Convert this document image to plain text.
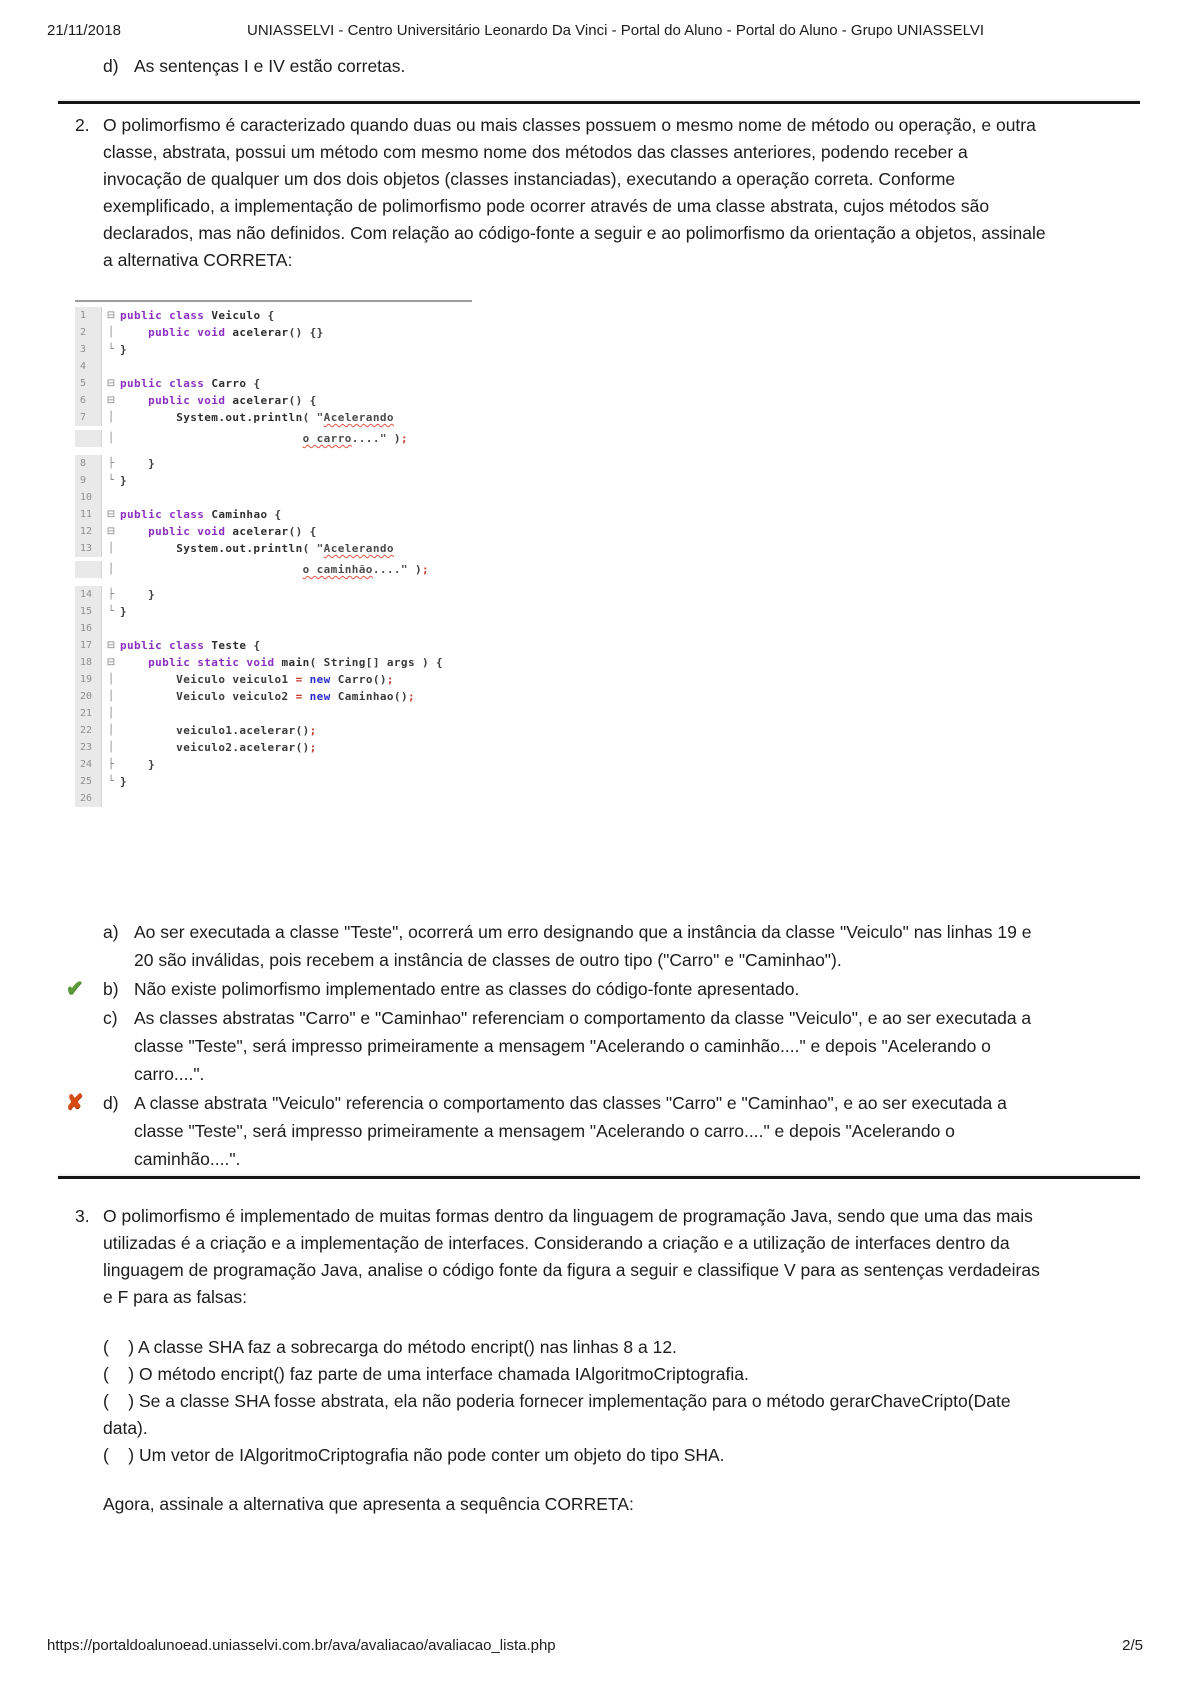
21/11/2018	UNIASSELVI - Centro Universitário Leonardo Da Vinci - Portal do Aluno - Portal do Aluno - Grupo UNIASSELVI
d) As sentenças I e IV estão corretas.
2. O polimorfismo é caracterizado quando duas ou mais classes possuem o mesmo nome de método ou operação, e outra classe, abstrata, possui um método com mesmo nome dos métodos das classes anteriores, podendo receber a invocação de qualquer um dos dois objetos (classes instanciadas), executando a operação correta. Conforme exemplificado, a implementação de polimorfismo pode ocorrer através de uma classe abstrata, cujos métodos são declarados, mas não definidos. Com relação ao código-fonte a seguir e ao polimorfismo da orientação a objetos, assinale a alternativa CORRETA:

1	⊟ public class Veiculo {
2	│	public void acelerar() {}
3	└ }
4
5	⊟ public class Carro {
6	⊟	public void acelerar() {
7	│	System.out.println( "Acelerando
│	o carro...." );
8	├ }
9	└ }
10
11	⊟ public class Caminhao {
12	⊟	public void acelerar() {
13	│	System.out.println( "Acelerando
│	o caminhão...." );
14	├ }
15	└ }
16
17	⊟ public class Teste {
18	⊟	public static void main( String[] args ) {
19	│ Veiculo veiculo1 = new Carro();
20	│ Veiculo veiculo2 = new Caminhao();
21	│
22	│ veiculo1.acelerar();
23	│ veiculo2.acelerar();
24	├ }
25	└ }
26
a) Ao ser executada a classe "Teste", ocorrerá um erro designando que a instância da classe "Veiculo" nas linhas 19 e 20 são inválidas, pois recebem a instância de classes de outro tipo ("Carro" e "Caminhao").
✔	b) Não existe polimorfismo implementado entre as classes do código-fonte apresentado.
c) As classes abstratas "Carro" e "Caminhao" referenciam o comportamento da classe "Veiculo", e ao ser executada a classe "Teste", será impresso primeiramente a mensagem "Acelerando o caminhão...." e depois "Acelerando o carro....".
✘	d) A classe abstrata "Veiculo" referencia o comportamento das classes "Carro" e "Caminhao", e ao ser executada a classe "Teste", será impresso primeiramente a mensagem "Acelerando o carro...." e depois "Acelerando o caminhão....".
3. O polimorfismo é implementado de muitas formas dentro da linguagem de programação Java, sendo que uma das mais utilizadas é a criação e a implementação de interfaces. Considerando a criação e a utilização de interfaces dentro da linguagem de programação Java, analise o código fonte da figura a seguir e classifique V para as sentenças verdadeiras e F para as falsas:

(    ) A classe SHA faz a sobrecarga do método encript() nas linhas 8 a 12.

(    ) O método encript() faz parte de uma interface chamada IAlgoritmoCriptografia.

(    ) Se a classe SHA fosse abstrata, ela não poderia fornecer implementação para o método gerarChaveCripto(Date data).

(    ) Um vetor de IAlgoritmoCriptografia não pode conter um objeto do tipo SHA.

Agora, assinale a alternativa que apresenta a sequência CORRETA:
https://portaldoalunoead.uniasselvi.com.br/ava/avaliacao/avaliacao_lista.php	2/5
